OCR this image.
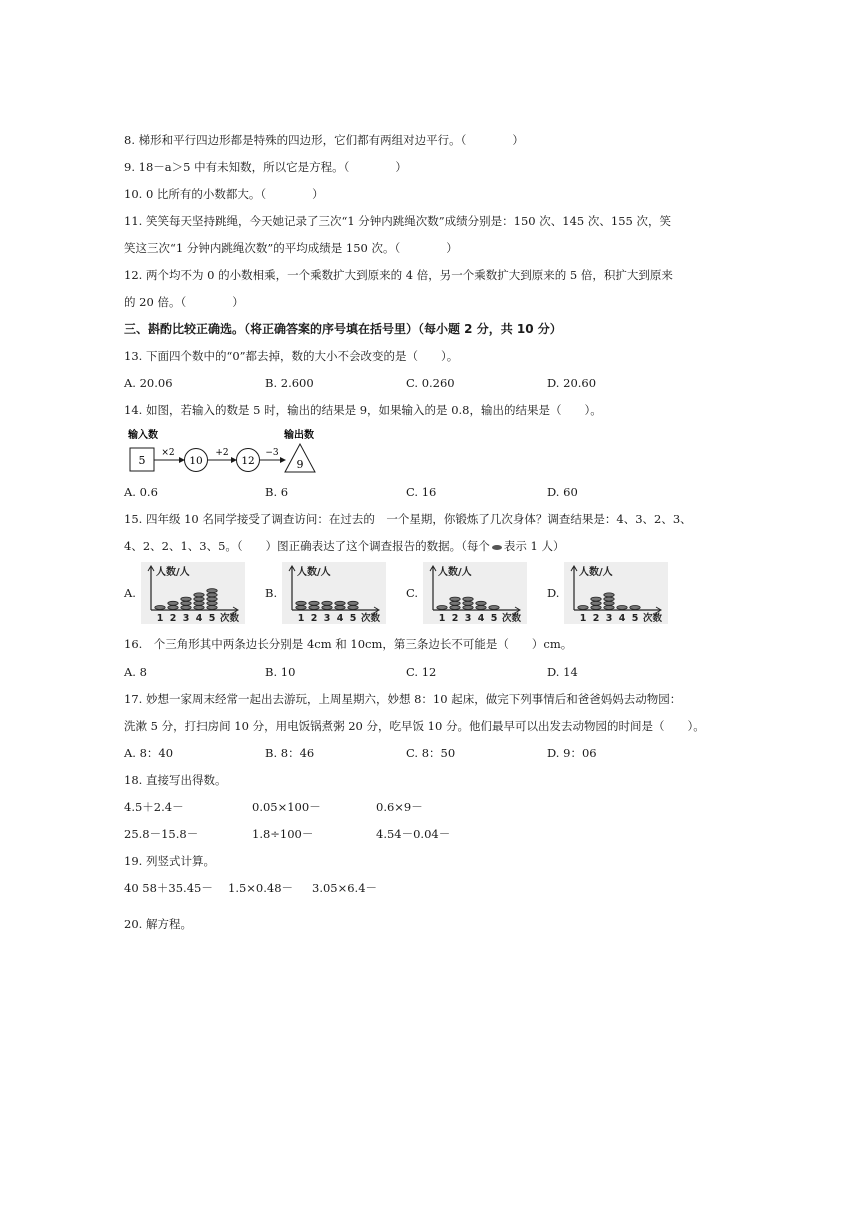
8. 梯形和平行四边形都是特殊的四边形，它们都有两组对边平行。（　　　　）
9. 18－a＞5 中有未知数，所以它是方程。（　　　　）
10. 0 比所有的小数都大。（　　　　）
11. 笑笑每天坚持跳绳，今天她记录了三次“1 分钟内跳绳次数”成绩分别是：150 次、145 次、155 次，笑
笑这三次“1 分钟内跳绳次数”的平均成绩是 150 次。（　　　　）
12. 两个均不为 0 的小数相乘，一个乘数扩大到原来的 4 倍，另一个乘数扩大到原来的 5 倍，积扩大到原来
的 20 倍。（　　　　）
三、斟酌比较正确选。（将正确答案的序号填在括号里）（每小题 2 分，共 10 分）
13. 下面四个数中的“0”都去掉，数的大小不会改变的是（　　）。
A. 20.06	B. 2.600	C. 0.260	D. 20.60
14. 如图，若输入的数是 5 时，输出的结果是 9，如果输入的是 0.8，输出的结果是（　　）。
输入数	输出数
5
×2
10
+2
12
−3
9
A. 0.6	B. 6	C. 16	D. 60
15. 四年级 10 名同学接受了调查访问：在过去的　一个星期，你锻炼了几次身体？调查结果是：4、3、2、3、
4、2、2、1、3、5。（　　）图正确表达了这个调查报告的数据。（每个 表示 1 人）
A.	B.	C.	D.
人数/人
1 2 3 4 5 次数
人数/人
1 2 3 4 5 次数
人数/人
1 2 3 4 5 次数
人数/人
1 2 3 4 5 次数
16.　个三角形其中两条边长分别是 4cm 和 10cm，第三条边长不可能是（　　）cm。
A. 8	B. 10	C. 12	D. 14
17. 妙想一家周末经常一起出去游玩，上周星期六，妙想 8：10 起床，做完下列事情后和爸爸妈妈去动物园：
洗漱 5 分，打扫房间 10 分，用电饭锅煮粥 20 分，吃早饭 10 分。他们最早可以出发去动物园的时间是（　　）。
A. 8：40	B. 8：46	C. 8：50	D. 9：06
18. 直接写出得数。
4.5＋2.4－	0.05×100－	0.6×9－
25.8－15.8－	1.8÷100－	4.54－0.04－
19. 列竖式计算。
40 58＋35.45－ 1.5×0.48－ 3.05×6.4－
20. 解方程。
